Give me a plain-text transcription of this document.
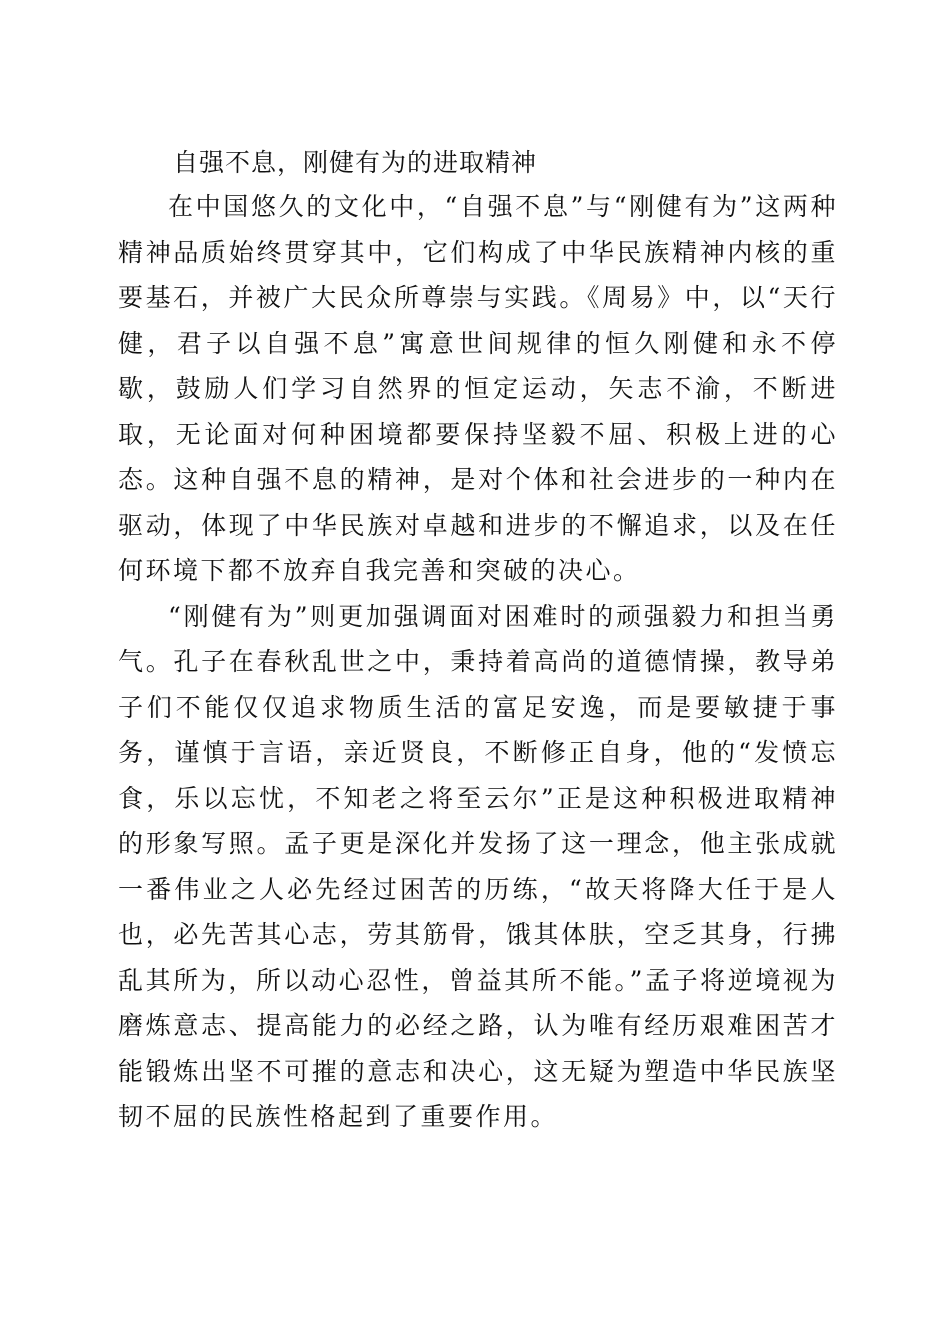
自强不息，刚健有为的进取精神

在中国悠久的文化中，“自强不息”与“刚健有为”这两种精神品质始终贯穿其中，它们构成了中华民族精神内核的重要基石，并被广大民众所尊崇与实践。《周易》中，以“天行健，君子以自强不息”寓意世间规律的恒久刚健和永不停歇，鼓励人们学习自然界的恒定运动，矢志不渝，不断进取，无论面对何种困境都要保持坚毅不屈、积极上进的心态。这种自强不息的精神，是对个体和社会进步的一种内在驱动，体现了中华民族对卓越和进步的不懈追求，以及在任何环境下都不放弃自我完善和突破的决心。

“刚健有为”则更加强调面对困难时的顽强毅力和担当勇气。孔子在春秋乱世之中，秉持着高尚的道德情操，教导弟子们不能仅仅追求物质生活的富足安逸，而是要敏捷于事务，谨慎于言语，亲近贤良，不断修正自身，他的“发愤忘食，乐以忘忧，不知老之将至云尔”正是这种积极进取精神的形象写照。孟子更是深化并发扬了这一理念，他主张成就一番伟业之人必先经过困苦的历练，“故天将降大任于是人也，必先苦其心志，劳其筋骨，饿其体肤，空乏其身，行拂乱其所为，所以动心忍性，曾益其所不能。”孟子将逆境视为磨炼意志、提高能力的必经之路，认为唯有经历艰难困苦才能锻炼出坚不可摧的意志和决心，这无疑为塑造中华民族坚韧不屈的民族性格起到了重要作用。
